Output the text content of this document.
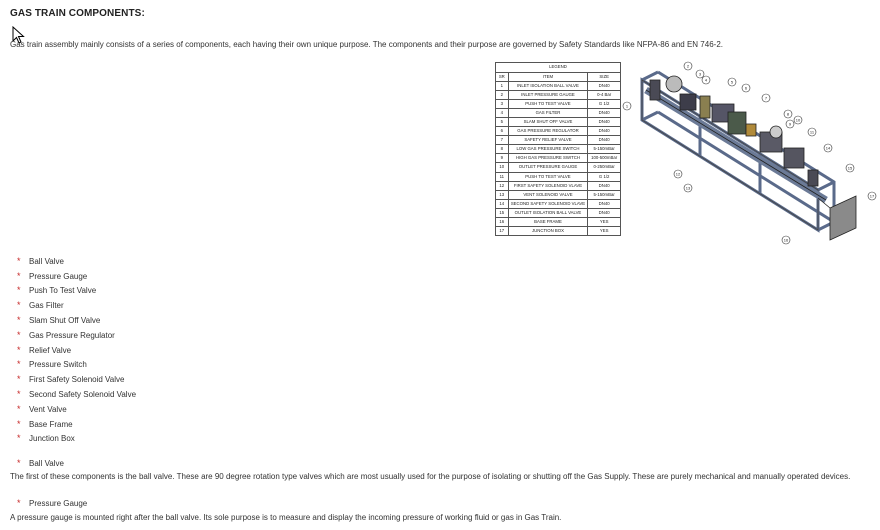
GAS TRAIN COMPONENTS:
Gas train assembly mainly consists of a series of components, each having their own unique purpose. The components and their purpose are governed by Safety Standards like NFPA-86 and EN 746-2.
LEGEND		
SR	ITEM	SIZE
1	INLET ISOLATION BALL VALVE	DN40
2	INLET PRESSURE GAUGE	0-4 Bar
3	PUSH TO TEST VALVE	G 1/2
4	GAS FILTER	DN40
5	SLAM SHUT OFF VALVE	DN40
6	GAS PRESSURE REGULATOR	DN40
7	SAFETY RELIEF VALVE	DN40
8	LOW GAS PRESSURE SWITCH	5-150mBar
9	HIGH GAS PRESSURE SWITCH	100-500mBar
10	OUTLET PRESSURE GAUGE	0-250mBar
11	PUSH TO TEST VALVE	G 1/2
12	FIRST SAFETY SOLENOID VLAVE	DN40
13	VENT SOLENOID VALVE	5-150mBar
14	SECOND SAFETY SOLENOID VLAVE	DN40
15	OUTLET ISOLATION BALL VALVE	DN40
16	BASE FRAME	YES
17	JUNCTION BOX	YES
1
2
3
4	5
6
7
8
9
10
11
12
13
14
15
16
17
*	Ball Valve
*	Pressure Gauge
*	Push To Test Valve
*	Gas Filter
*	Slam Shut Off Valve
*	Gas Pressure Regulator
*	Relief Valve
*	Pressure Switch
*	First Safety Solenoid Valve
*	Second Safety Solenoid Valve
*	Vent Valve
*	Base Frame
*	Junction Box
*	Ball Valve
The first of these components is the ball valve. These are 90 degree rotation type valves which are most usually used for the purpose of isolating or shutting off the Gas Supply. These are purely mechanical and manually operated devices.
*	Pressure Gauge
A pressure gauge is mounted right after the ball valve. Its sole purpose is to measure and display the incoming pressure of working fluid or gas in Gas Train.
